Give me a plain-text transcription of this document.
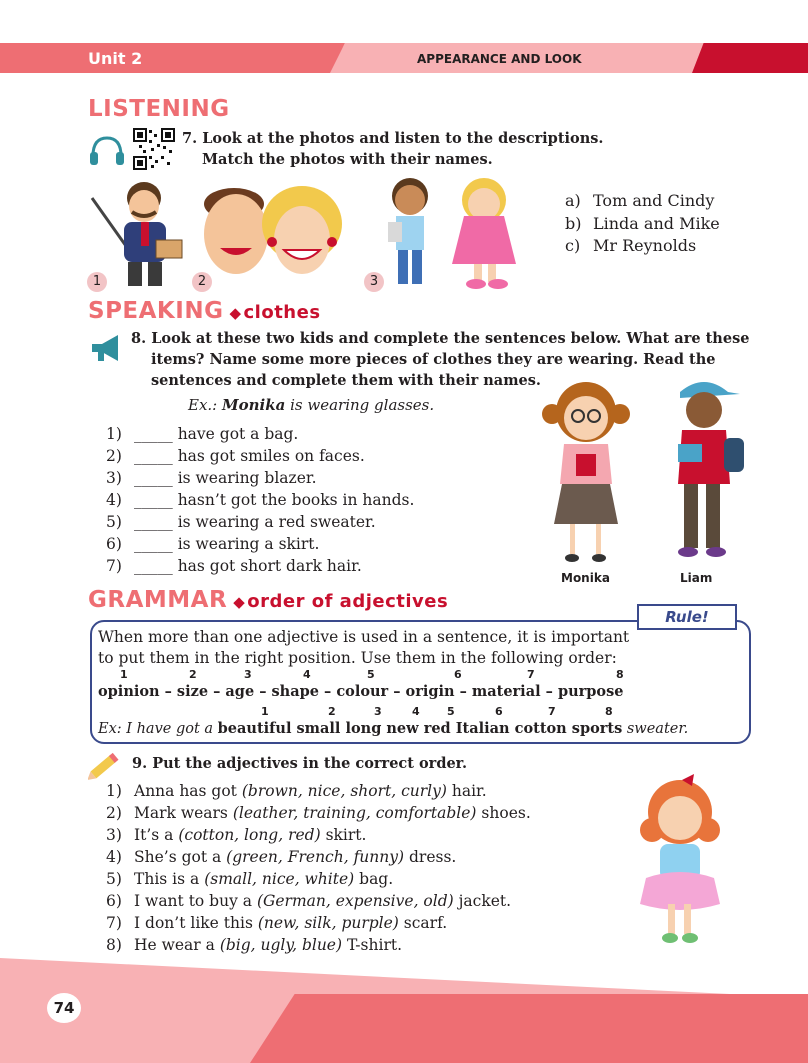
Unit 2	APPEARANCE AND LOOK
LISTENING
7. Look at the photos and listen to the descriptions.
Match the photos with their names.
1	2	3
a) Tom and Cindy
b) Linda and Mike
c) Mr Reynolds
SPEAKING ◆ clothes
8. Look at these two kids and complete the sentences below. What are these
items? Name some more pieces of clothes they are wearing. Read the
sentences and complete them with their names.
Ex.: Monika is wearing glasses.
1) _____ have got a bag.
2) _____ has got smiles on faces.
3) _____ is wearing blazer.
4) _____ hasn’t got the books in hands.
5) _____ is wearing a red sweater.
6) _____ is wearing a skirt.
7) _____ has got short dark hair.
Monika	Liam
GRAMMAR ◆ order of adjectives
Rule!
When more than one adjective is used in a sentence, it is important
to put them in the right position. Use them in the following order:
1	2	3	4	5	6	7	8
opinion – size – age – shape – colour – origin – material – purpose
1	2	3	4 5	6	7	8
Ex: I have got a beautiful small long new red Italian cotton sports sweater.
9. Put the adjectives in the correct order.
1) Anna has got (brown, nice, short, curly) hair.
2) Mark wears (leather, training, comfortable) shoes.
3) It’s a (cotton, long, red) skirt.
4) She’s got a (green, French, funny) dress.
5) This is a (small, nice, white) bag.
6) I want to buy a (German, expensive, old) jacket.
7) I don’t like this (new, silk, purple) scarf.
8) He wear a (big, ugly, blue) T-shirt.
74
